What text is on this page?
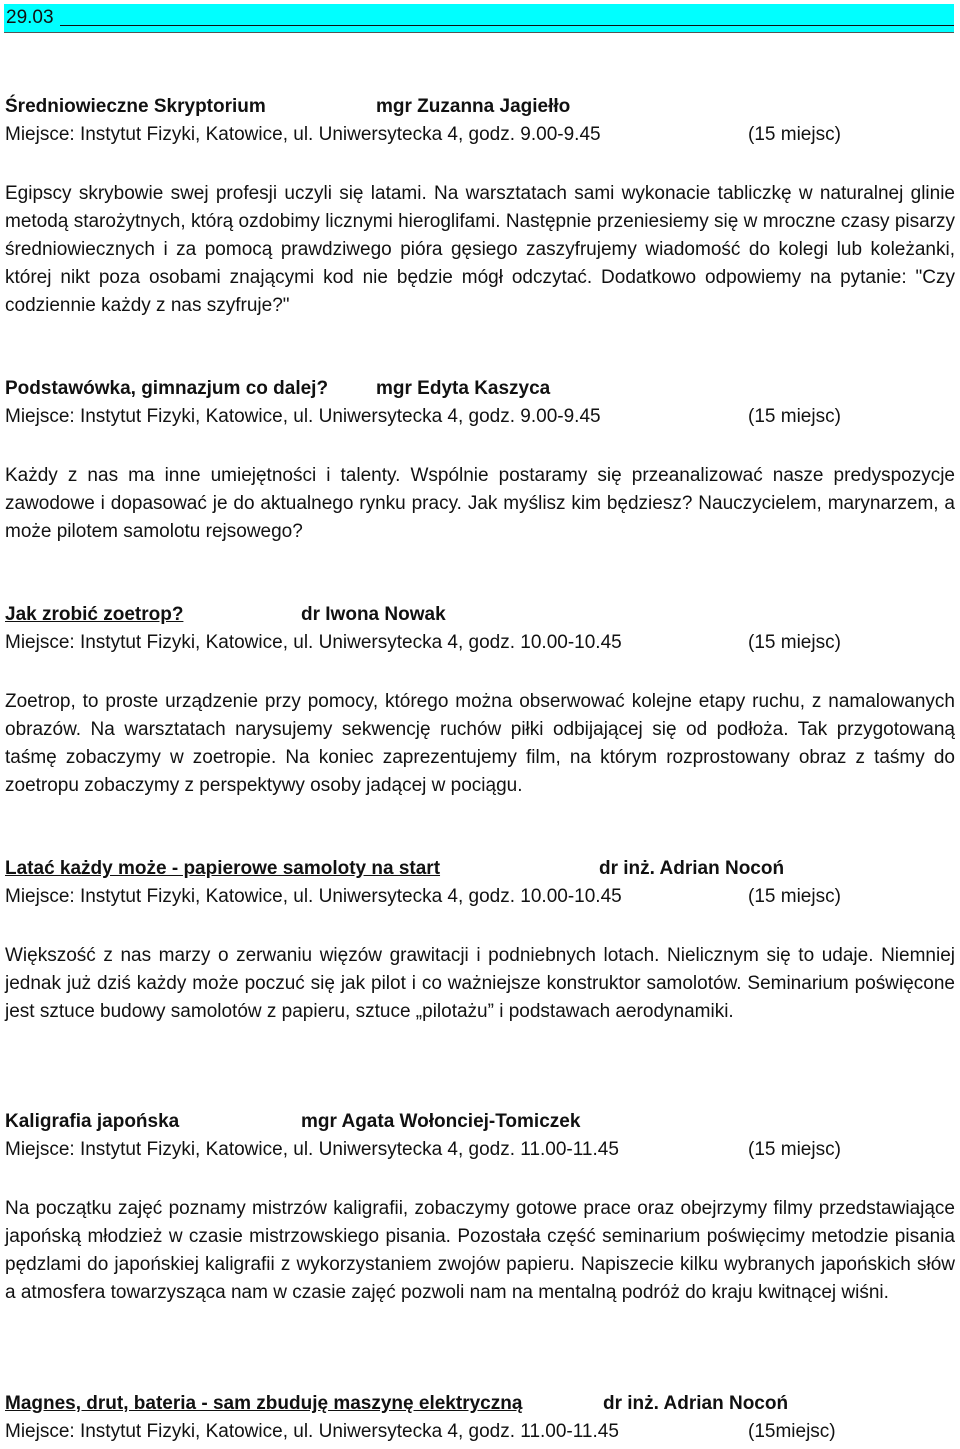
29.03
Średniowieczne Skryptorium	mgr Zuzanna Jagiełło
Miejsce: Instytut Fizyki, Katowice, ul. Uniwersytecka 4, godz. 9.00-9.45	(15 miejsc)
Egipscy skrybowie swej profesji uczyli się latami. Na warsztatach sami wykonacie tabliczkę w naturalnej glinie metodą starożytnych, którą ozdobimy licznymi hieroglifami. Następnie przeniesiemy się w mroczne czasy pisarzy średniowiecznych i za pomocą prawdziwego pióra gęsiego zaszyfrujemy wiadomość do kolegi lub koleżanki, której nikt poza osobami znającymi kod nie będzie mógł odczytać. Dodatkowo odpowiemy na pytanie: "Czy codziennie każdy z nas szyfruje?"
Podstawówka, gimnazjum co dalej?	mgr Edyta Kaszyca
Miejsce: Instytut Fizyki, Katowice, ul. Uniwersytecka 4, godz. 9.00-9.45	(15 miejsc)
Każdy z nas ma inne umiejętności i talenty. Wspólnie postaramy się przeanalizować nasze predyspozycje zawodowe i dopasować je do aktualnego rynku pracy. Jak myślisz kim będziesz? Nauczycielem, marynarzem, a może pilotem samolotu rejsowego?
Jak zrobić zoetrop?	dr Iwona Nowak
Miejsce: Instytut Fizyki, Katowice, ul. Uniwersytecka 4, godz. 10.00-10.45	(15 miejsc)
Zoetrop, to proste urządzenie przy pomocy, którego można obserwować kolejne etapy ruchu, z namalowanych obrazów. Na warsztatach narysujemy sekwencję ruchów piłki odbijającej się od podłoża. Tak przygotowaną taśmę zobaczymy w zoetropie. Na koniec zaprezentujemy film, na którym rozprostowany obraz z taśmy do zoetropu zobaczymy z perspektywy osoby jadącej w pociągu.
Latać każdy może - papierowe samoloty na start	dr inż. Adrian Nocoń
Miejsce: Instytut Fizyki, Katowice, ul. Uniwersytecka 4, godz. 10.00-10.45	(15 miejsc)
Większość z nas marzy o zerwaniu więzów grawitacji i podniebnych lotach. Nielicznym się to udaje. Niemniej jednak już dziś każdy może poczuć się jak pilot i co ważniejsze konstruktor samolotów. Seminarium poświęcone jest sztuce budowy samolotów z papieru, sztuce „pilotażu” i podstawach aerodynamiki.
Kaligrafia japońska	mgr Agata Wołonciej-Tomiczek
Miejsce: Instytut Fizyki, Katowice, ul. Uniwersytecka 4, godz. 11.00-11.45	(15 miejsc)
Na początku zajęć poznamy mistrzów kaligrafii, zobaczymy gotowe prace oraz obejrzymy filmy przedstawiające japońską młodzież w czasie mistrzowskiego pisania. Pozostała część seminarium poświęcimy metodzie pisania pędzlami do japońskiej kaligrafii z wykorzystaniem zwojów papieru. Napiszecie kilku wybranych japońskich słów a atmosfera towarzysząca nam w czasie zajęć pozwoli nam na mentalną podróż do kraju kwitnącej wiśni.
Magnes, drut, bateria - sam zbuduję maszynę elektryczną	dr inż. Adrian Nocoń
Miejsce: Instytut Fizyki, Katowice, ul. Uniwersytecka 4, godz. 11.00-11.45	(15miejsc)
